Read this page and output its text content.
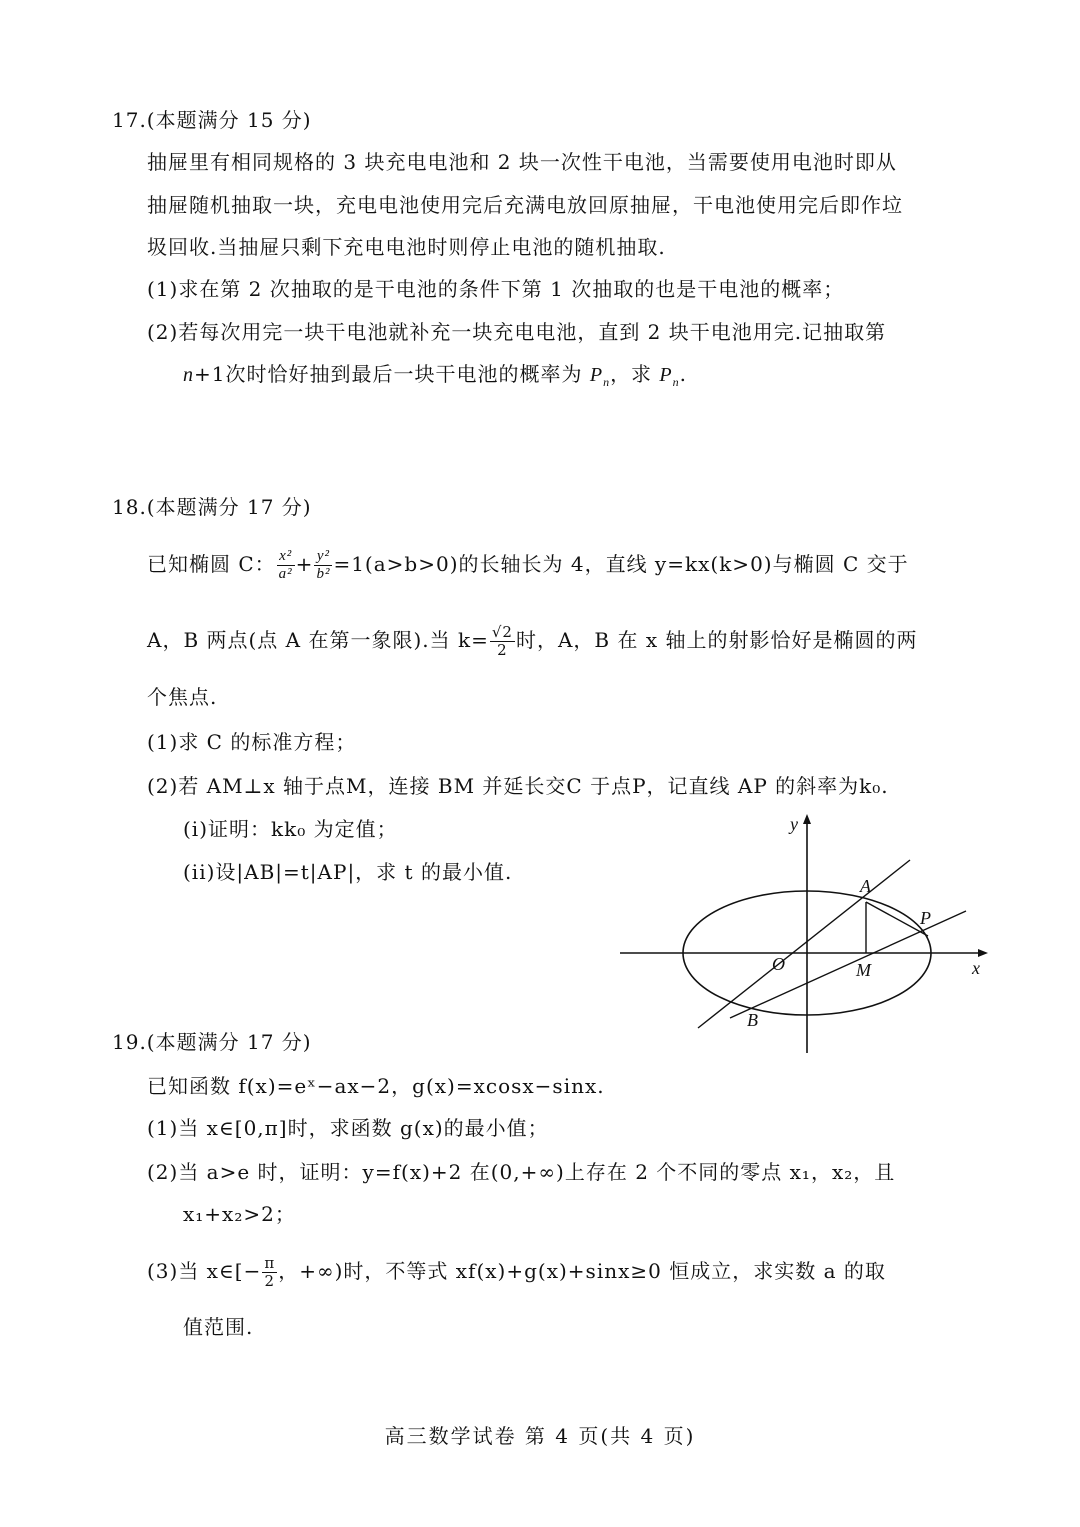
17.(本题满分 15 分)
抽屉里有相同规格的 3 块充电电池和 2 块一次性干电池，当需要使用电池时即从
抽屉随机抽取一块，充电电池使用完后充满电放回原抽屉，干电池使用完后即作垃
圾回收.当抽屉只剩下充电电池时则停止电池的随机抽取.
(1)求在第 2 次抽取的是干电池的条件下第 1 次抽取的也是干电池的概率；
(2)若每次用完一块干电池就补充一块充电电池，直到 2 块干电池用完.记抽取第
n+1次时恰好抽到最后一块干电池的概率为 $P_n$，求 $P_n$.
18.(本题满分 17 分)
已知椭圆 C： $\frac{\text{x²}}{\text{a²}} + \frac{\text{y²}}{\text{b²}} =1(a>b>0)$的长轴长为 4，直线 y=kx(k>0)与椭圆 C 交于
A，B 两点(点 A 在第一象限).当 $k= \frac{√2}{2}$ 时，A，B 在 x 轴上的射影恰好是椭圆的两
个焦点.
(1)求 C 的标准方程；
(2)若 AM⊥x 轴于点M，连接 BM 并延长交C 于点P，记直线 AP 的斜率为k₀.
(i)证明：kk₀ 为定值；
(ii)设|AB|=t|AP|，求 t 的最小值.
y
x
O
A
P
M
B
19.(本题满分 17 分)
已知函数 f(x)=eˣ−ax−2，g(x)=xcosx−sinx.
(1)当 x∈[0,π]时，求函数 g(x)的最小值；
(2)当 a>e 时，证明：y=f(x)+2 在(0,+∞)上存在 2 个不同的零点 x₁，x₂，且
x₁+x₂>2；
(3)当 x∈[− $\frac{\pi}{2}$ ，+∞)时，不等式 xf(x)+g(x)+sinx≥0 恒成立，求实数 a 的取
值范围.
高三数学试卷 第 4 页(共 4 页)
